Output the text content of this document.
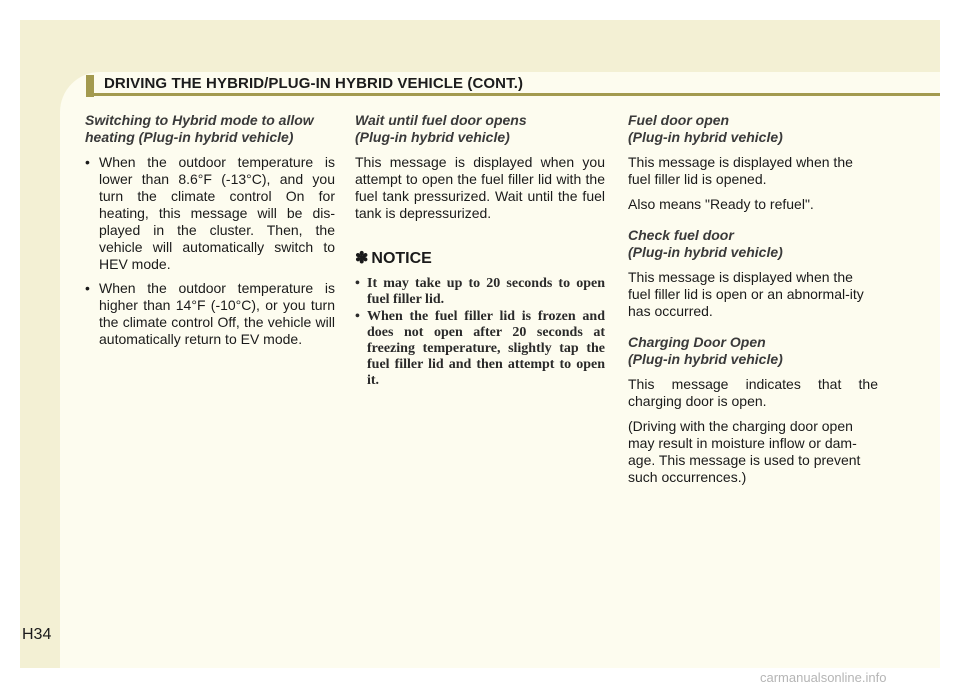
DRIVING THE HYBRID/PLUG-IN HYBRID VEHICLE (CONT.)

Switching to Hybrid mode to allow
heating (Plug-in hybrid vehicle)

• When the outdoor temperature is lower than 8.6°F (-13°C), and you turn the climate control On for heating, this message will be dis-played in the cluster. Then, the vehicle will automatically switch to HEV mode.
• When the outdoor temperature is higher than 14°F (-10°C), or you turn the climate control Off, the vehicle will automatically return to EV mode.

Wait until fuel door opens
(Plug-in hybrid vehicle)

This message is displayed when you attempt to open the fuel filler lid with the fuel tank pressurized. Wait until the fuel tank is depressurized.

✽ NOTICE
• It may take up to 20 seconds to open fuel filler lid.
• When the fuel filler lid is frozen and does not open after 20 seconds at freezing temperature, slightly tap the fuel filler lid and then attempt to open it.

Fuel door open
(Plug-in hybrid vehicle)

This message is displayed when the fuel filler lid is opened.

Also means "Ready to refuel".

Check fuel door
(Plug-in hybrid vehicle)

This message is displayed when the fuel filler lid is open or an abnormal-ity has occurred.

Charging Door Open
(Plug-in hybrid vehicle)

This message indicates that the charging door is open.

(Driving with the charging door open may result in moisture inflow or dam-age. This message is used to prevent such occurrences.)

H34
carmanualsonline.info
